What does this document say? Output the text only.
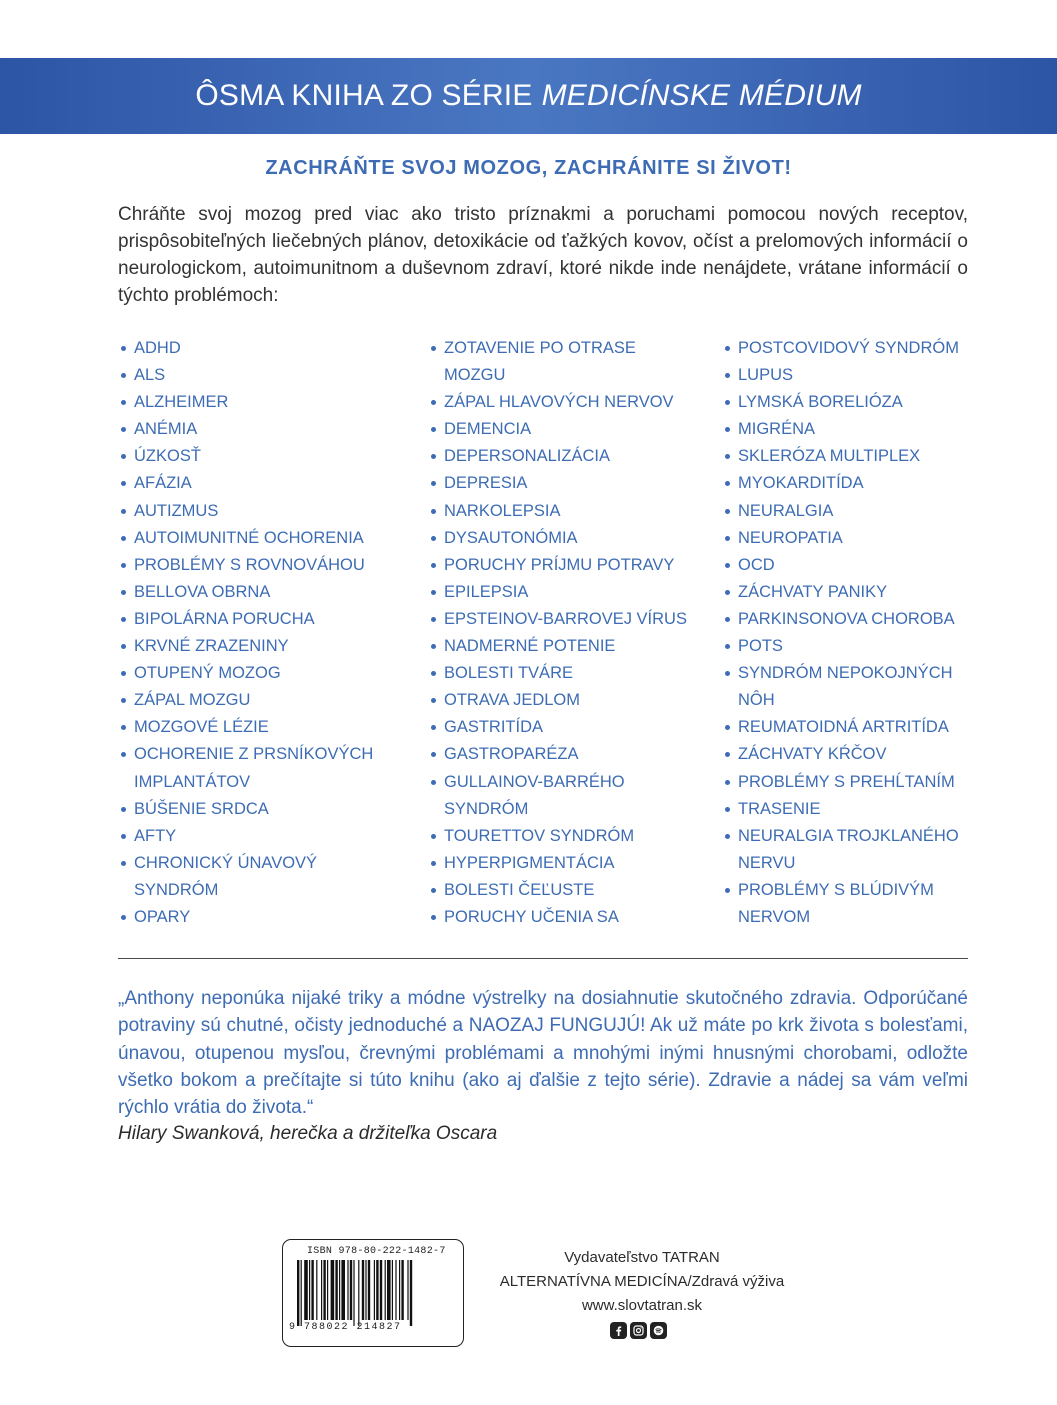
ÔSMA KNIHA ZO SÉRIE MEDICÍNSKE MÉDIUM
ZACHRÁŇTE SVOJ MOZOG, ZACHRÁNITE SI ŽIVOT!
Chráňte svoj mozog pred viac ako tristo príznakmi a poruchami pomocou nových receptov, prispôsobiteľných liečebných plánov, detoxikácie od ťažkých kovov, očíst a prelomových informácií o neurologickom, autoimunitnom a duševnom zdraví, ktoré nikde inde nenájdete, vrátane informácií o týchto problémoch:
ADHD
ALS
ALZHEIMER
ANÉMIA
ÚZKOSŤ
AFÁZIA
AUTIZMUS
AUTOIMUNITNÉ OCHORENIA
PROBLÉMY S ROVNOVÁHOU
BELLOVA OBRNA
BIPOLÁRNA PORUCHA
KRVNÉ ZRAZENINY
OTUPENÝ MOZOG
ZÁPAL MOZGU
MOZGOVÉ LÉZIE
OCHORENIE Z PRSNÍKOVÝCH
IMPLANTÁTOV
BÚŠENIE SRDCA
AFTY
CHRONICKÝ ÚNAVOVÝ
SYNDRÓM
OPARY
ZOTAVENIE PO OTRASE
MOZGU
ZÁPAL HLAVOVÝCH NERVOV
DEMENCIA
DEPERSONALIZÁCIA
DEPRESIA
NARKOLEPSIA
DYSAUTONÓMIA
PORUCHY PRÍJMU POTRAVY
EPILEPSIA
EPSTEINOV-BARROVEJ VÍRUS
NADMERNÉ POTENIE
BOLESTI TVÁRE
OTRAVA JEDLOM
GASTRITÍDA
GASTROPARÉZA
GULLAINOV-BARRÉHO
SYNDRÓM
TOURETTOV SYNDRÓM
HYPERPIGMENTÁCIA
BOLESTI ČEĽUSTE
PORUCHY UČENIA SA
POSTCOVIDOVÝ SYNDRÓM
LUPUS
LYMSKÁ BORELIÓZA
MIGRÉNA
SKLERÓZA MULTIPLEX
MYOKARDITÍDA
NEURALGIA
NEUROPATIA
OCD
ZÁCHVATY PANIKY
PARKINSONOVA CHOROBA
POTS
SYNDRÓM NEPOKOJNÝCH
NÔH
REUMATOIDNÁ ARTRITÍDA
ZÁCHVATY KŔČOV
PROBLÉMY S PREHĹTANÍM
TRASENIE
NEURALGIA TROJKLANÉHO
NERVU
PROBLÉMY S BLÚDIVÝM
NERVOM
„Anthony neponúka nijaké triky a módne výstrelky na dosiahnutie skutočného zdravia. Odporúčané potraviny sú chutné, očisty jednoduché a NAOZAJ FUNGUJÚ! Ak už máte po krk života s bolesťami, únavou, otupenou mysľou, črevnými problémami a mnohými inými hnusnými chorobami, odložte všetko bokom a prečítajte si túto knihu (ako aj ďalšie z tejto série). Zdravie a nádej sa vám veľmi rýchlo vrátia do života.“
Hilary Swanková, herečka a držiteľka Oscara
ISBN 978-80-222-1482-7
9 788022 214827
Vydavateľstvo TATRAN
ALTERNATÍVNA MEDICÍNA/Zdravá výživa
www.slovtatran.sk
